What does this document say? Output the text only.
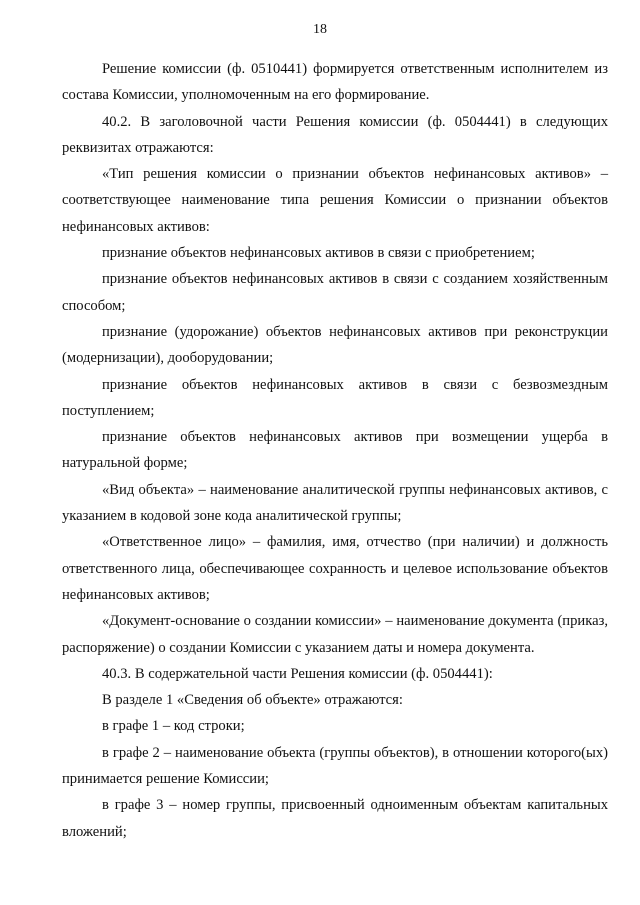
18

Решение комиссии (ф. 0510441) формируется ответственным исполнителем из состава Комиссии, уполномоченным на его формирование.

40.2. В заголовочной части Решения комиссии (ф. 0504441) в следующих реквизитах отражаются:

«Тип решения комиссии о признании объектов нефинансовых активов» – соответствующее наименование типа решения Комиссии о признании объектов нефинансовых активов:

признание объектов нефинансовых активов в связи с приобретением;

признание объектов нефинансовых активов в связи с созданием хозяйственным способом;

признание (удорожание) объектов нефинансовых активов при реконструкции (модернизации), дооборудовании;

признание объектов нефинансовых активов в связи с безвозмездным поступлением;

признание объектов нефинансовых активов при возмещении ущерба в натуральной форме;

«Вид объекта» – наименование аналитической группы нефинансовых активов, с указанием в кодовой зоне кода аналитической группы;

«Ответственное лицо» – фамилия, имя, отчество (при наличии) и должность ответственного лица, обеспечивающее сохранность и целевое использование объектов нефинансовых активов;

«Документ-основание о создании комиссии» – наименование документа (приказ, распоряжение) о создании Комиссии с указанием даты и номера документа.

40.3. В содержательной части Решения комиссии (ф. 0504441):

В разделе 1 «Сведения об объекте» отражаются:

в графе 1 – код строки;

в графе 2 – наименование объекта (группы объектов), в отношении которого(ых) принимается решение Комиссии;

в графе 3 – номер группы, присвоенный одноименным объектам капитальных вложений;
